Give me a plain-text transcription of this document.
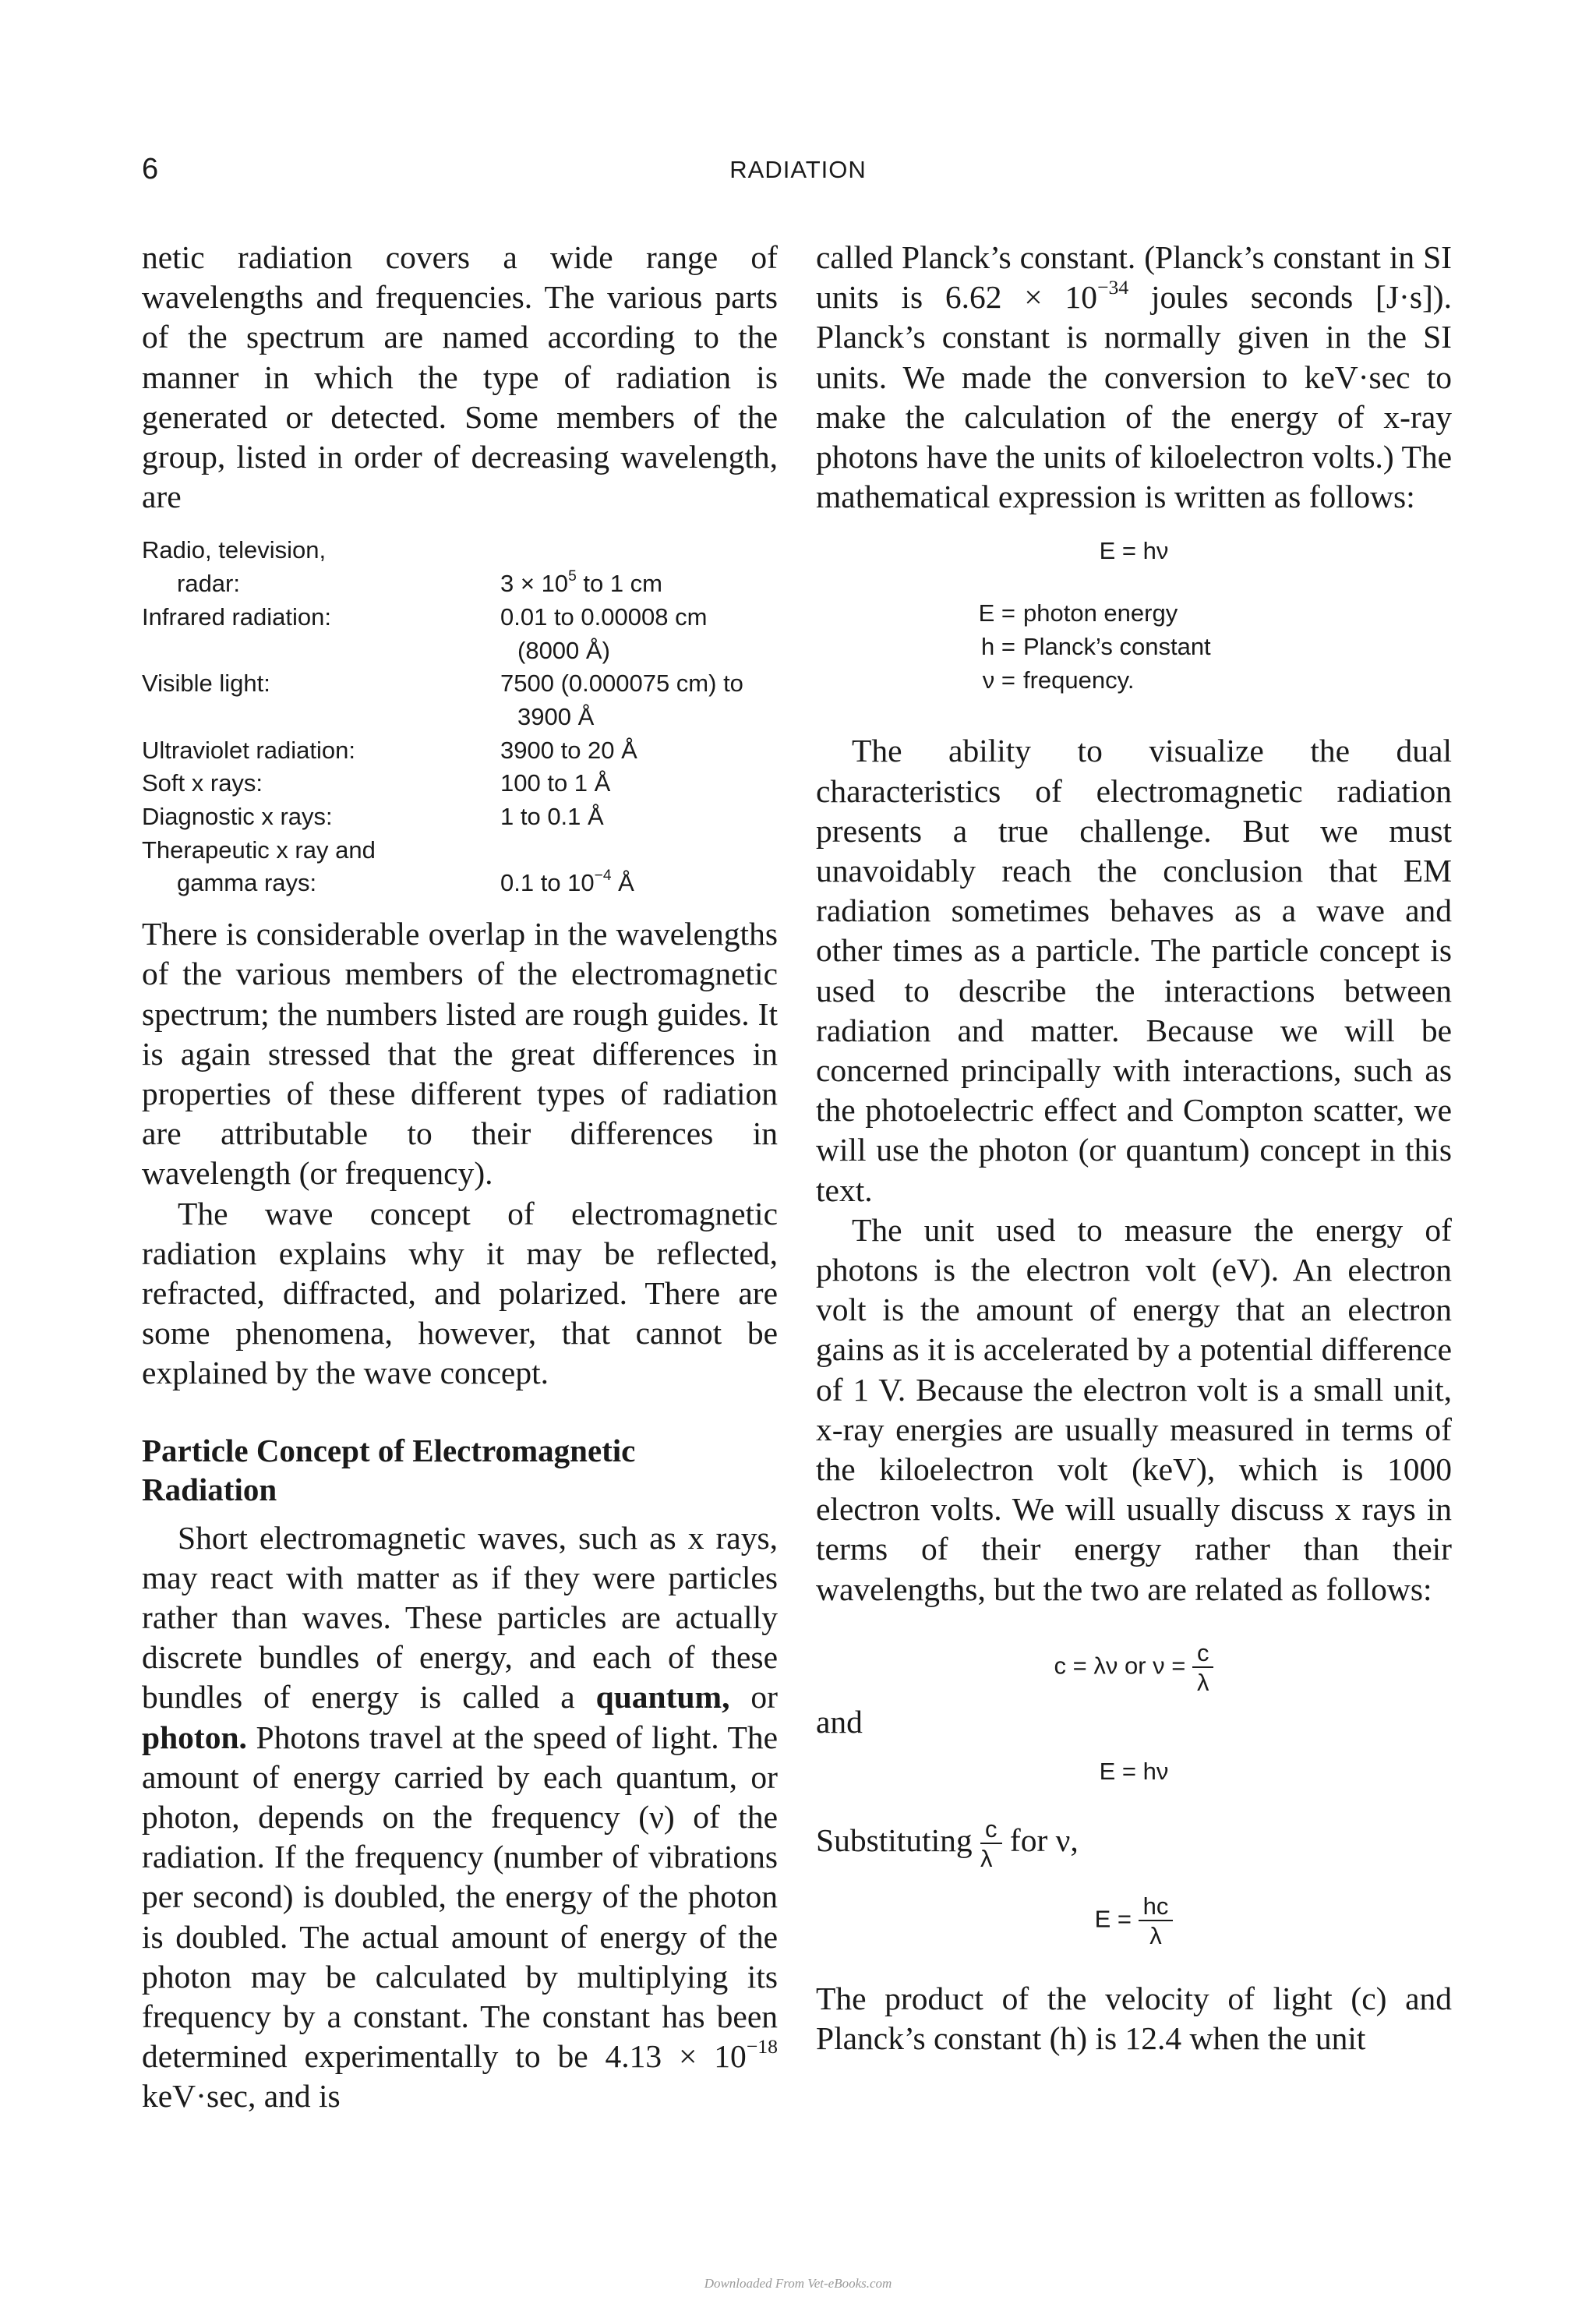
6	RADIATION

netic radiation covers a wide range of wavelengths and frequencies. The various parts of the spectrum are named according to the manner in which the type of radiation is generated or detected. Some members of the group, listed in order of decreasing wavelength, are

Radio, television,
radar:	$3 \times 10^5$ to 1 cm
Infrared radiation:	0.01 to 0.00008 cm
(8000 Å)
Visible light:	7500 (0.000075 cm) to
3900 Å
Ultraviolet radiation:	3900 to 20 Å
Soft x rays:	100 to 1 Å
Diagnostic x rays:	1 to 0.1 Å
Therapeutic x ray and
gamma rays:	0.1 to $10^{-4}$ Å

There is considerable overlap in the wavelengths of the various members of the electromagnetic spectrum; the numbers listed are rough guides. It is again stressed that the great differences in properties of these different types of radiation are attributable to their differences in wavelength (or frequency).

The wave concept of electromagnetic radiation explains why it may be reflected, refracted, diffracted, and polarized. There are some phenomena, however, that cannot be explained by the wave concept.

Particle Concept of Electromagnetic
Radiation

Short electromagnetic waves, such as x rays, may react with matter as if they were particles rather than waves. These particles are actually discrete bundles of energy, and each of these bundles of energy is called a quantum, or photon. Photons travel at the speed of light. The amount of energy carried by each quantum, or photon, depends on the frequency (ν) of the radiation. If the frequency (number of vibrations per second) is doubled, the energy of the photon is doubled. The actual amount of energy of the photon may be calculated by multiplying its frequency by a constant. The constant has been determined experimentally to be $4.13 \times 10^{-18}$ keV·sec, and is

called Planck’s constant. (Planck’s constant in SI units is $6.62 \times 10^{-34}$ joules seconds [J·s]). Planck’s constant is normally given in the SI units. We made the conversion to keV·sec to make the calculation of the energy of x-ray photons have the units of kiloelectron volts.) The mathematical expression is written as follows:

E = hν
E = photon energy
h = Planck’s constant
ν = frequency.

The ability to visualize the dual characteristics of electromagnetic radiation presents a true challenge. But we must unavoidably reach the conclusion that EM radiation sometimes behaves as a wave and other times as a particle. The particle concept is used to describe the interactions between radiation and matter. Because we will be concerned principally with interactions, such as the photoelectric effect and Compton scatter, we will use the photon (or quantum) concept in this text.

The unit used to measure the energy of photons is the electron volt (eV). An electron volt is the amount of energy that an electron gains as it is accelerated by a potential difference of 1 V. Because the electron volt is a small unit, x-ray energies are usually measured in terms of the kiloelectron volt (keV), which is 1000 electron volts. We will usually discuss x rays in terms of their energy rather than their wavelengths, but the two are related as follows:

c = λν or $\nu = \frac{c}{\lambda}$

and

E = hν

Substituting $\frac{c}{\lambda}$ for ν,

$E = \frac{hc}{\lambda}$

The product of the velocity of light (c) and Planck’s constant (h) is 12.4 when the unit

Downloaded From Vet-eBooks.com
